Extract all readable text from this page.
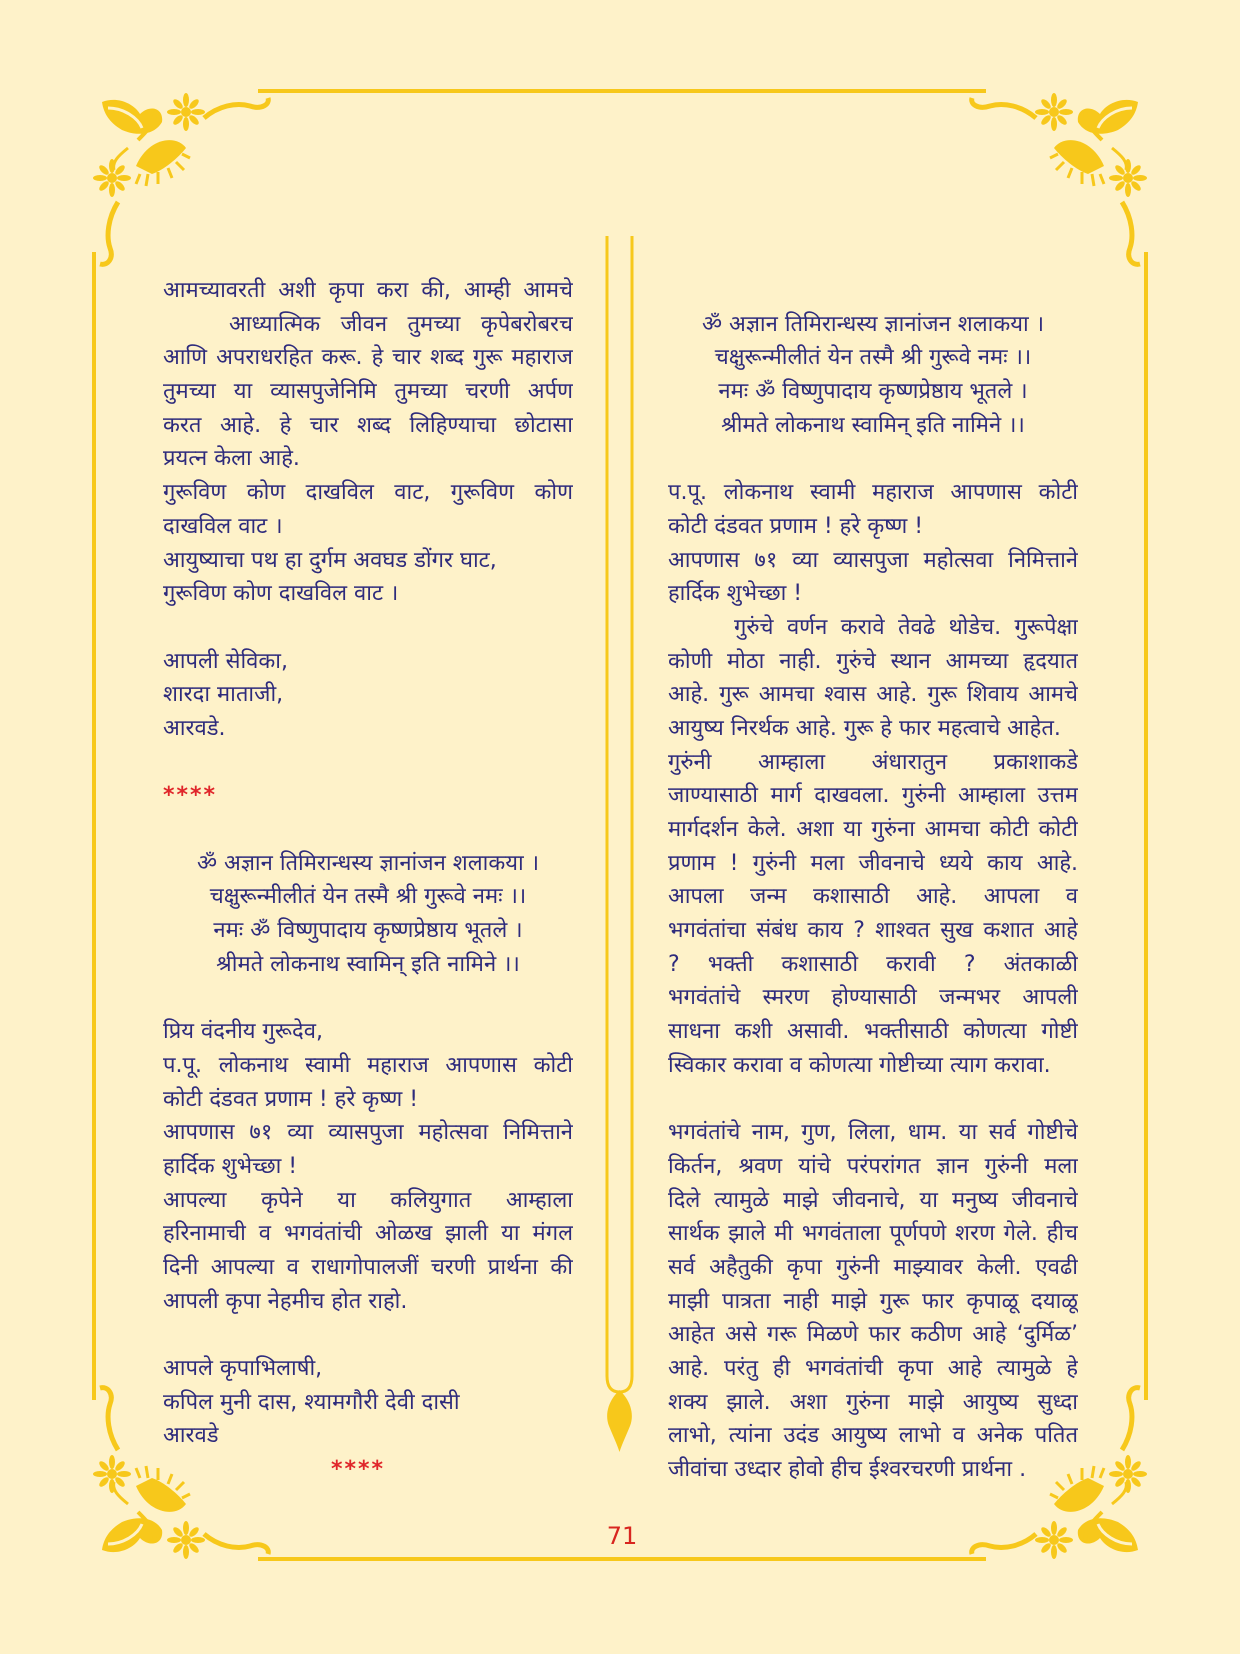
आमच्यावरती अशी कृपा करा की, आम्ही आमचे
आध्यात्मिक जीवन तुमच्या कृपेबरोबरच
आणि अपराधरहित करू. हे चार शब्द गुरू महाराज
तुमच्या या व्यासपुजेनिमि तुमच्या चरणी अर्पण
करत आहे. हे चार शब्द लिहिण्याचा छोटासा
प्रयत्न केला आहे.
गुरूविण कोण दाखविल वाट, गुरूविण कोण
दाखविल वाट ।
आयुष्याचा पथ हा दुर्गम अवघड डोंगर घाट,
गुरूविण कोण दाखविल वाट ।
आपली सेविका,
शारदा माताजी,
आरवडे.
****
ॐ अज्ञान तिमिरान्धस्य ज्ञानांजन शलाकया ।
चक्षुरून्मीलीतं येन तस्मै श्री गुरूवे नमः ।।
नमः ॐ विष्णुपादाय कृष्णप्रेष्ठाय भूतले ।
श्रीमते लोकनाथ स्वामिन् इति नामिने ।।
प्रिय वंदनीय गुरूदेव,
प.पू. लोकनाथ स्वामी महाराज आपणास कोटी
कोटी दंडवत प्रणाम ! हरे कृष्ण !
आपणास ७१ व्या व्यासपुजा महोत्सवा निमित्ताने
हार्दिक शुभेच्छा !
आपल्या कृपेने या कलियुगात आम्हाला
हरिनामाची व भगवंतांची ओळख झाली या मंगल
दिनी आपल्या व राधागोपालजीं चरणी प्रार्थना की
आपली कृपा नेहमीच होत राहो.
आपले कृपाभिलाषी,
कपिल मुनी दास, श्यामगौरी देवी दासी
आरवडे
****
ॐ अज्ञान तिमिरान्धस्य ज्ञानांजन शलाकया ।
चक्षुरून्मीलीतं येन तस्मै श्री गुरूवे नमः ।।
नमः ॐ विष्णुपादाय कृष्णप्रेष्ठाय भूतले ।
श्रीमते लोकनाथ स्वामिन् इति नामिने ।।
प.पू. लोकनाथ स्वामी महाराज आपणास कोटी
कोटी दंडवत प्रणाम ! हरे कृष्ण !
आपणास ७१ व्या व्यासपुजा महोत्सवा निमित्ताने
हार्दिक शुभेच्छा !
गुरुंचे वर्णन करावे तेवढे थोडेच. गुरूपेक्षा
कोणी मोठा नाही. गुरुंचे स्थान आमच्या हृदयात
आहे. गुरू आमचा श्वास आहे. गुरू शिवाय आमचे
आयुष्य निरर्थक आहे. गुरू हे फार महत्वाचे आहेत.
गुरुंनी आम्हाला अंधारातुन प्रकाशाकडे
जाण्यासाठी मार्ग दाखवला. गुरुंनी आम्हाला उत्तम
मार्गदर्शन केले. अशा या गुरुंना आमचा कोटी कोटी
प्रणाम ! गुरुंनी मला जीवनाचे ध्यये काय आहे.
आपला जन्म कशासाठी आहे. आपला व
भगवंतांचा संबंध काय ? शाश्वत सुख कशात आहे
? भक्ती कशासाठी करावी ? अंतकाळी
भगवंतांचे स्मरण होण्यासाठी जन्मभर आपली
साधना कशी असावी. भक्तीसाठी कोणत्या गोष्टी
स्विकार करावा व कोणत्या गोष्टीच्या त्याग करावा.
भगवंतांचे नाम, गुण, लिला, धाम. या सर्व गोष्टीचे
किर्तन, श्रवण यांचे परंपरांगत ज्ञान गुरुंनी मला
दिले त्यामुळे माझे जीवनाचे, या मनुष्य जीवनाचे
सार्थक झाले मी भगवंताला पूर्णपणे शरण गेले. हीच
सर्व अहैतुकी कृपा गुरुंनी माझ्यावर केली. एवढी
माझी पात्रता नाही माझे गुरू फार कृपाळू दयाळू
आहेत असे गरू मिळणे फार कठीण आहे ‘दुर्मिळ’
आहे. परंतु ही भगवंतांची कृपा आहे त्यामुळे हे
शक्य झाले. अशा गुरुंना माझे आयुष्य सुध्दा
लाभो, त्यांना उदंड आयुष्य लाभो व अनेक पतित
जीवांचा उध्दार होवो हीच ईश्वरचरणी प्रार्थना .
71
